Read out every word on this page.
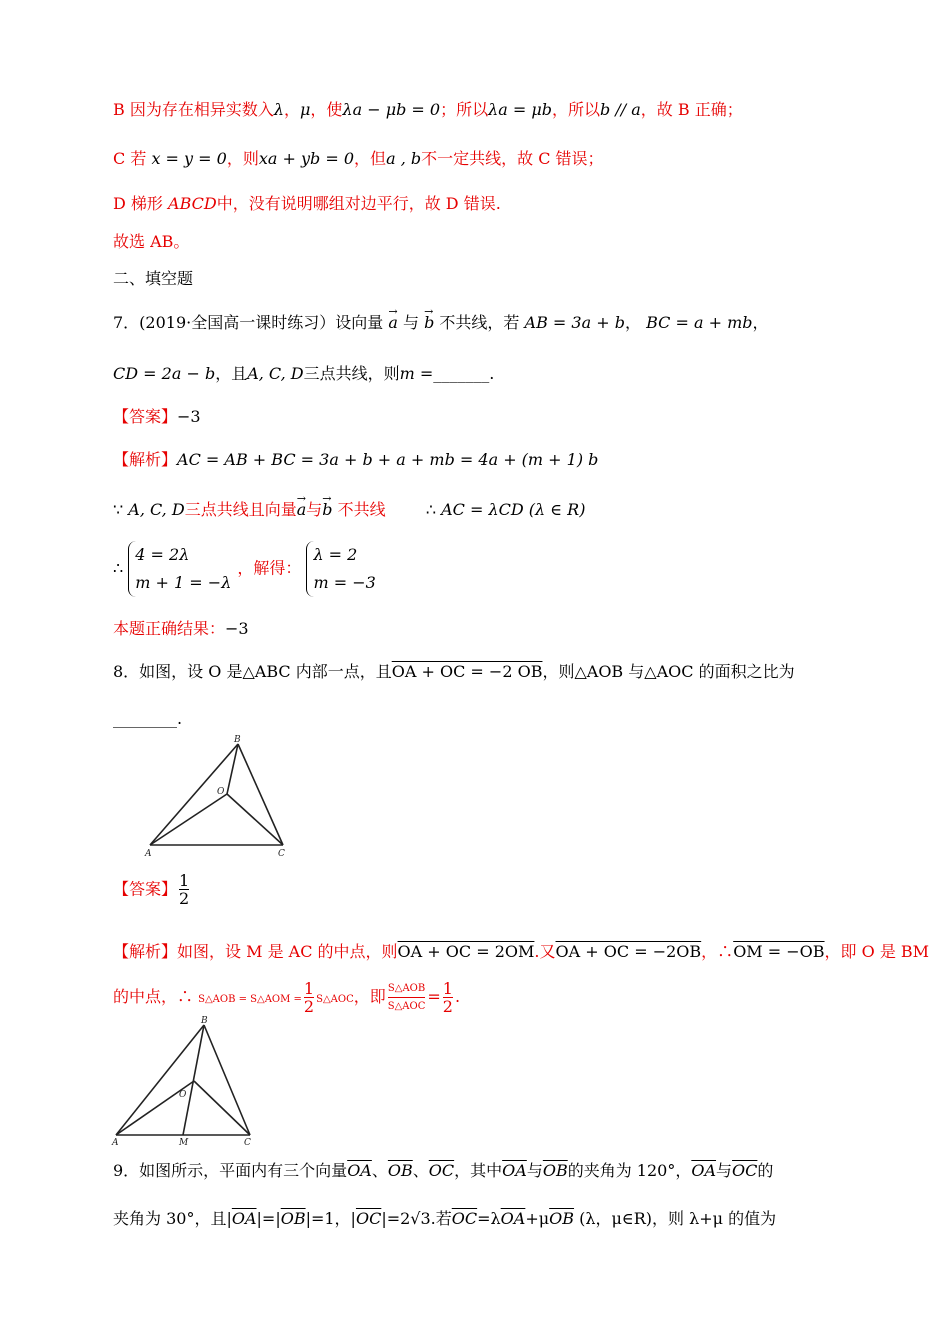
B 因为存在相异实数入λ，μ，使λa − μb = 0；所以λa = μb，所以b // a，故 B 正确；
C 若 x = y = 0，则xa + yb = 0，但a , b不一定共线，故 C 错误；
D 梯形 ABCD中，没有说明哪组对边平行，故 D 错误.
故选 AB。
二、填空题
7．(2019·全国高一课时练习）设向量 → a 与 → b 不共线，若 AB = 3a + b， BC = a + mb，
CD = 2a − b，且A, C, D三点共线，则m =_______.
【答案】−3
【解析】AC = AB + BC = 3a + b + a + mb = 4a + (m + 1) b
∵ A, C, D三点共线且向量→ a与→ b 不共线	∴ AC = λCD (λ ∈ R)
∴
4 = 2λ
m + 1 = −λ
，解得：
λ = 2
m = −3
本题正确结果：−3
8．如图，设 O 是△ABC 内部一点，且OA + OC = −2 OB，则△AOB 与△AOC 的面积之比为
________.
B
O
A	C
【答案】 $\frac{1}{2}$
【解析】如图，设 M 是 AC 的中点，则OA + OC = 2OM.又OA + OC = −2OB，∴OM = −OB，即 O 是 BM
的中点，∴ S△AOB = S△AOM = $\frac{1}{2}$ S△AOC，即 $\frac{\text{S△AOB}}{\text{S△AOC}} = \frac{1}{2}$ .
B
O
A	M	C
9．如图所示，平面内有三个向量$\overline{OA}$、$\overline{OB}$、$\overline{OC}$，其中$\overline{OA}$与$\overline{OB}$的夹角为 120°，$\overline{OA}$与$\overline{OC}$的
夹角为 30°，且$|\overline{OA}|=|\overline{OB}|=1$，$|\overline{OC}|=2√3$.若$\overline{OC}=\lambda\overline{OA}+\mu\overline{OB}$ (λ，μ∈R)，则 λ+μ 的值为
